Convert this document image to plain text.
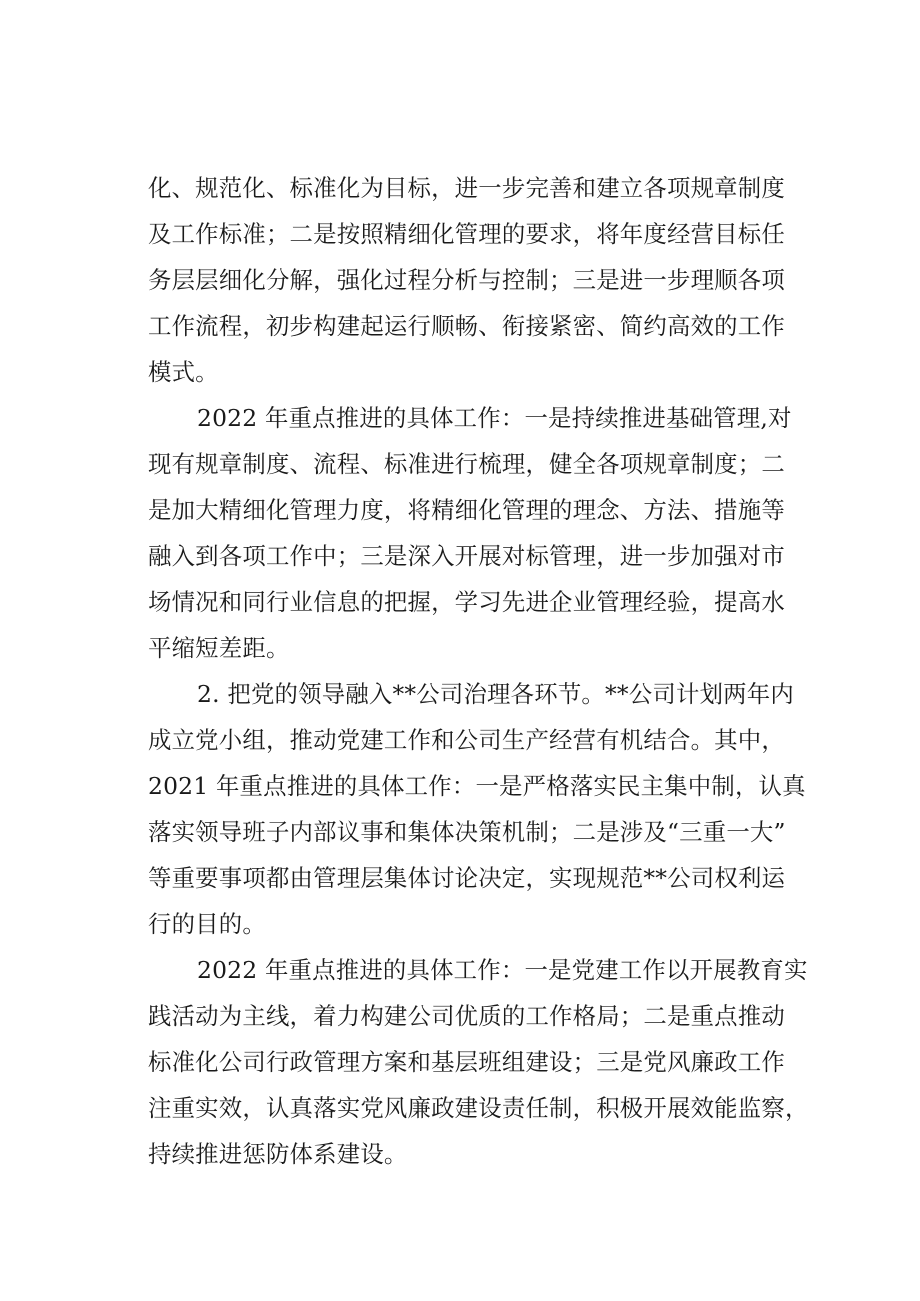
化、规范化、标准化为目标，进一步完善和建立各项规章制度
及工作标准；二是按照精细化管理的要求，将年度经营目标任
务层层细化分解，强化过程分析与控制；三是进一步理顺各项
工作流程，初步构建起运行顺畅、衔接紧密、简约高效的工作
模式。
2022 年重点推进的具体工作：一是持续推进基础管理,对
现有规章制度、流程、标准进行梳理，健全各项规章制度；二
是加大精细化管理力度，将精细化管理的理念、方法、措施等
融入到各项工作中；三是深入开展对标管理，进一步加强对市
场情况和同行业信息的把握，学习先进企业管理经验，提高水
平缩短差距。
2. 把党的领导融入**公司治理各环节。**公司计划两年内
成立党小组，推动党建工作和公司生产经营有机结合。其中，
2021 年重点推进的具体工作：一是严格落实民主集中制，认真
落实领导班子内部议事和集体决策机制；二是涉及“三重一大”
等重要事项都由管理层集体讨论决定，实现规范**公司权利运
行的目的。
2022 年重点推进的具体工作：一是党建工作以开展教育实
践活动为主线，着力构建公司优质的工作格局；二是重点推动
标准化公司行政管理方案和基层班组建设；三是党风廉政工作
注重实效，认真落实党风廉政建设责任制，积极开展效能监察，
持续推进惩防体系建设。
